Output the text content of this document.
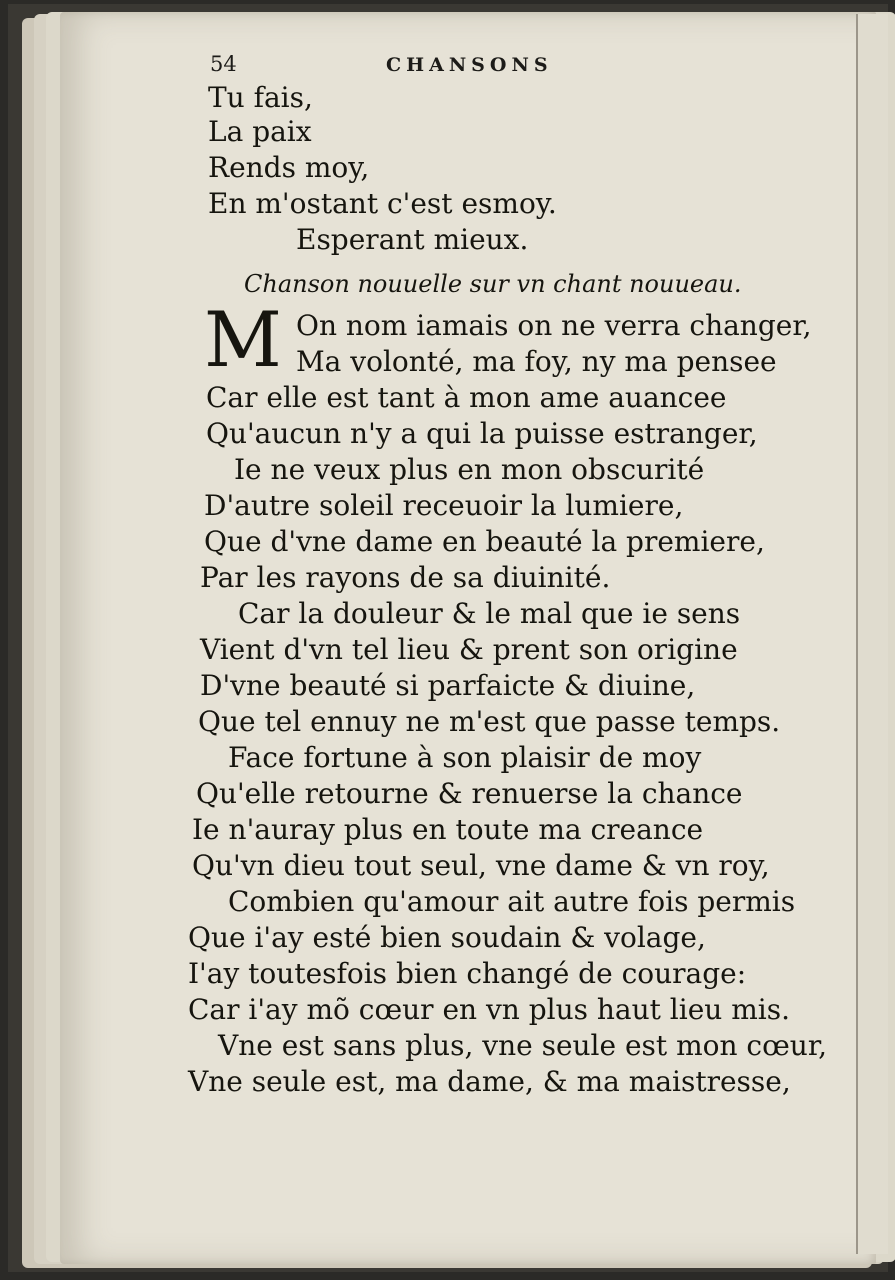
54	CHANSONS
Tu fais,
La paix
Rends moy,
En m'ostant c'est esmoy.
Esperant mieux.
Chanson nouuelle sur vn chant nouueau.
M On nom iamais on ne verra changer,
Ma volonté, ma foy, ny ma pensee
Car elle est tant à mon ame auancee
Qu'aucun n'y a qui la puisse estranger,
Ie ne veux plus en mon obscurité
D'autre soleil receuoir la lumiere,
Que d'vne dame en beauté la premiere,
Par les rayons de sa diuinité.
Car la douleur & le mal que ie sens
Vient d'vn tel lieu & prent son origine
D'vne beauté si parfaicte & diuine,
Que tel ennuy ne m'est que passe temps.
Face fortune à son plaisir de moy
Qu'elle retourne & renuerse la chance
Ie n'auray plus en toute ma creance
Qu'vn dieu tout seul, vne dame & vn roy,
Combien qu'amour ait autre fois permis
Que i'ay esté bien soudain & volage,
I'ay toutesfois bien changé de courage:
Car i'ay mõ cœur en vn plus haut lieu mis.
Vne est sans plus, vne seule est mon cœur,
Vne seule est, ma dame, & ma maistresse,
